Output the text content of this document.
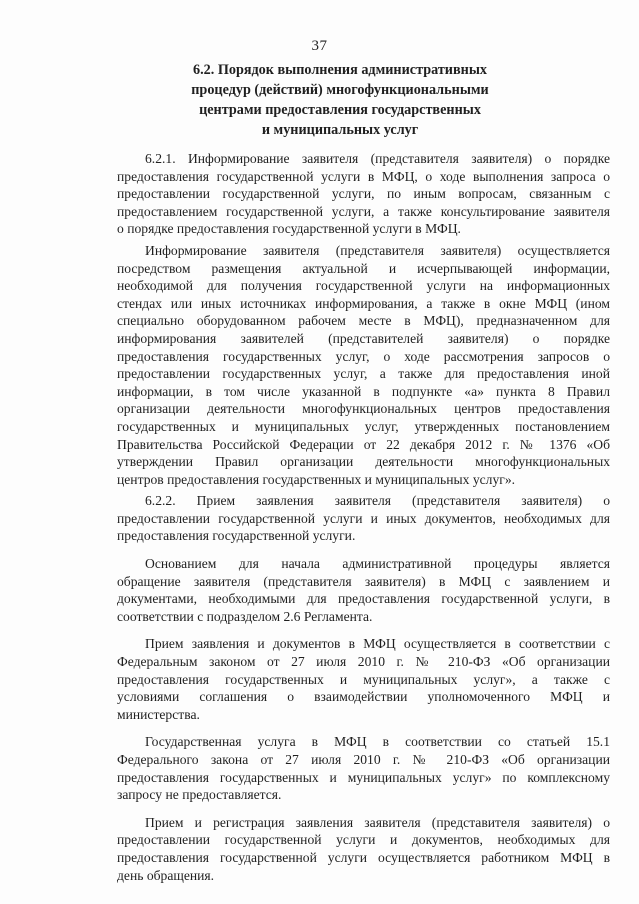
37
6.2. Порядок выполнения административных
процедур (действий) многофункциональными
центрами предоставления государственных
и муниципальных услуг
6.2.1. Информирование заявителя (представителя заявителя) о порядке
предоставления государственной услуги в МФЦ, о ходе выполнения запроса о
предоставлении государственной услуги, по иным вопросам, связанным с
предоставлением государственной услуги, а также консультирование заявителя
о порядке предоставления государственной услуги в МФЦ.
Информирование заявителя (представителя заявителя) осуществляется
посредством размещения актуальной и исчерпывающей информации,
необходимой для получения государственной услуги на информационных
стендах или иных источниках информирования, а также в окне МФЦ (ином
специально оборудованном рабочем месте в МФЦ), предназначенном для
информирования заявителей (представителей заявителя) о порядке
предоставления государственных услуг, о ходе рассмотрения запросов о
предоставлении государственных услуг, а также для предоставления иной
информации, в том числе указанной в подпункте «а» пункта 8 Правил
организации деятельности многофункциональных центров предоставления
государственных и муниципальных услуг, утвержденных постановлением
Правительства Российской Федерации от 22 декабря 2012 г. № 1376 «Об
утверждении Правил организации деятельности многофункциональных
центров предоставления государственных и муниципальных услуг».
6.2.2. Прием заявления заявителя (представителя заявителя) о
предоставлении государственной услуги и иных документов, необходимых для
предоставления государственной услуги.
Основанием для начала административной процедуры является
обращение заявителя (представителя заявителя) в МФЦ с заявлением и
документами, необходимыми для предоставления государственной услуги, в
соответствии с подразделом 2.6 Регламента.
Прием заявления и документов в МФЦ осуществляется в соответствии с
Федеральным законом от 27 июля 2010 г. № 210-ФЗ «Об организации
предоставления государственных и муниципальных услуг», а также с
условиями соглашения о взаимодействии уполномоченного МФЦ и
министерства.
Государственная услуга в МФЦ в соответствии со статьей 15.1
Федерального закона от 27 июля 2010 г. № 210-ФЗ «Об организации
предоставления государственных и муниципальных услуг» по комплексному
запросу не предоставляется.
Прием и регистрация заявления заявителя (представителя заявителя) о
предоставлении государственной услуги и документов, необходимых для
предоставления государственной услуги осуществляется работником МФЦ в
день обращения.
